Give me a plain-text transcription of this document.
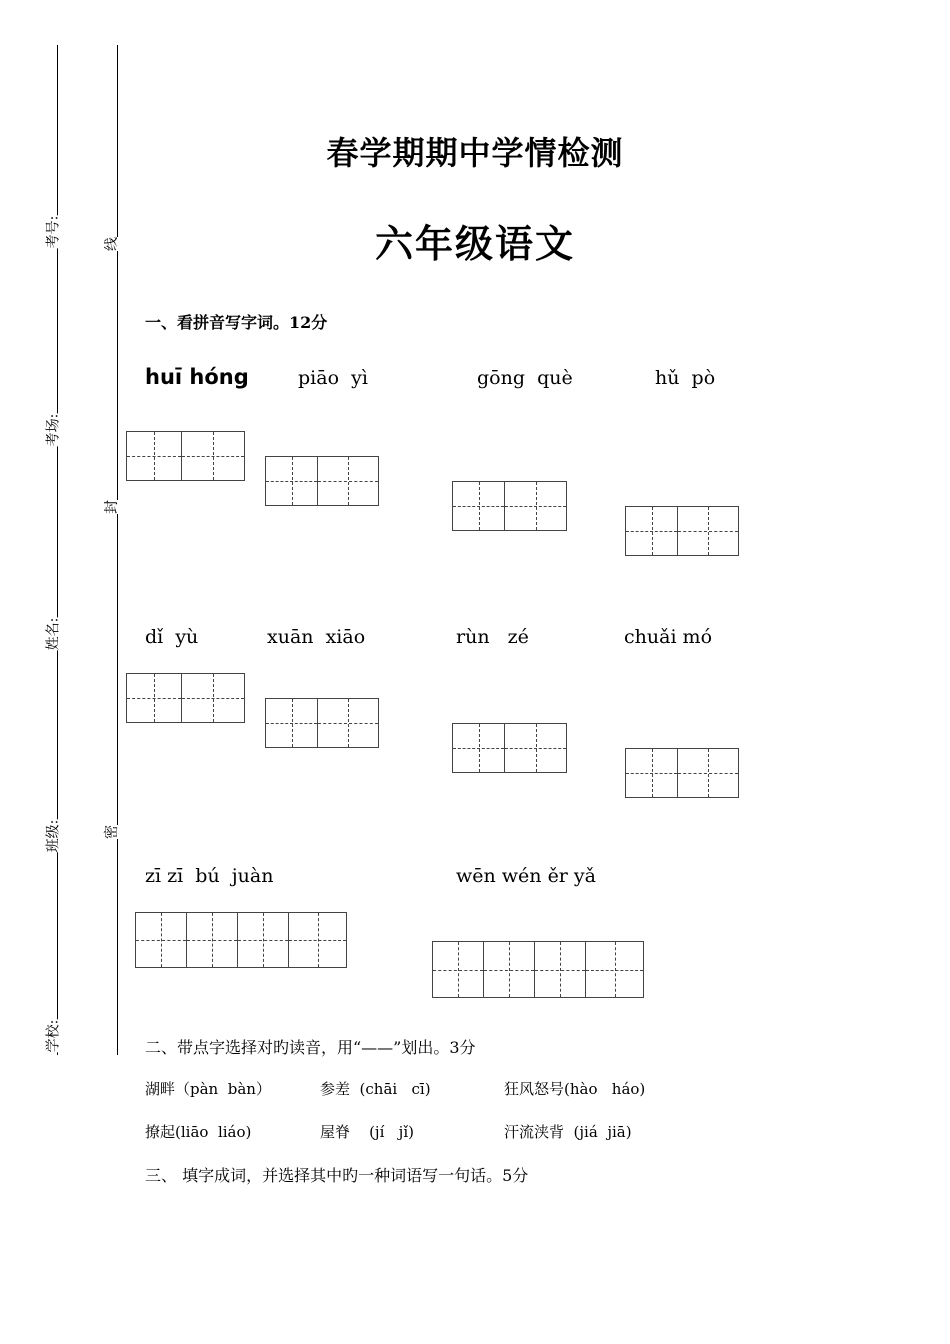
考号:
考场:
姓名:
班级:
学校:
线
封
密
春学期期中学情检测
六年级语文
一、看拼音写字词。12分
huī hóng	piāo  yì	gōng  què	hǔ  pò
dǐ  yù	xuān  xiāo	rùn   zé	chuǎi mó
zī zī  bú  juàn	wēn wén ěr yǎ
二、带点字选择对旳读音，用“——”划出。3分
湖畔（pàn  bàn）	参差  (chāi   cī)	狂风怒号(hào   háo)
撩起(liāo  liáo)	屋脊    (jí   jǐ)	汗流浃背  (jiá  jiā)
三、 填字成词，并选择其中旳一种词语写一句话。5分
